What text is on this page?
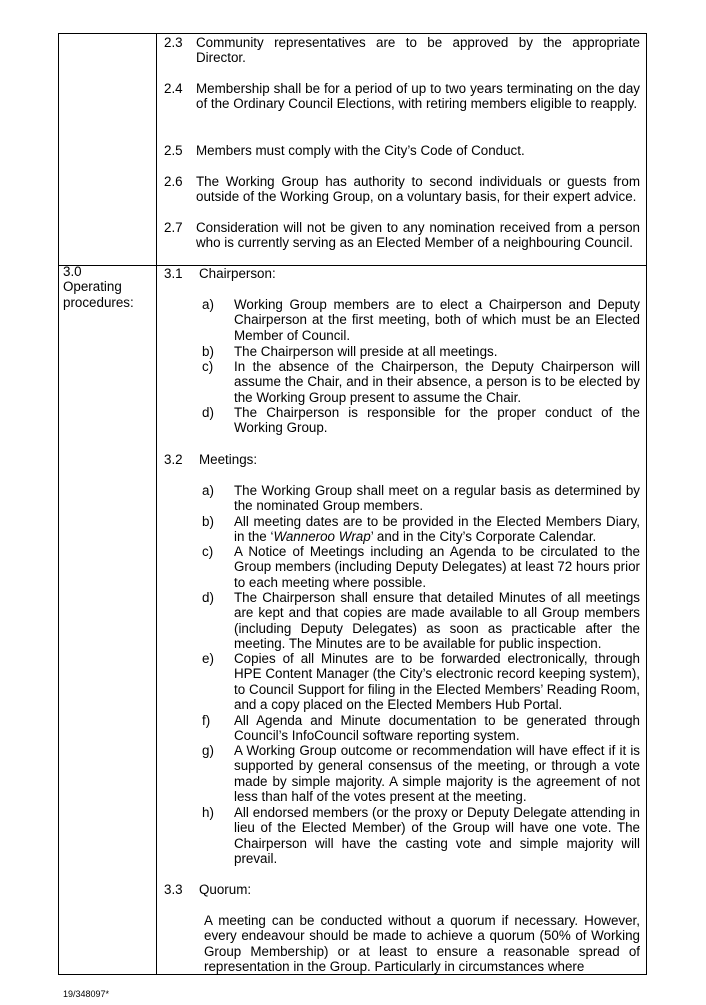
2.3 Community representatives are to be approved by the appropriate Director.
2.4 Membership shall be for a period of up to two years terminating on the day of the Ordinary Council Elections, with retiring members eligible to reapply.
2.5 Members must comply with the City’s Code of Conduct.
2.6 The Working Group has authority to second individuals or guests from outside of the Working Group, on a voluntary basis, for their expert advice.
2.7 Consideration will not be given to any nomination received from a person who is currently serving as an Elected Member of a neighbouring Council.
3.0
Operating
procedures:
3.1 Chairperson:
a) Working Group members are to elect a Chairperson and Deputy Chairperson at the first meeting, both of which must be an Elected Member of Council.
b) The Chairperson will preside at all meetings.
c) In the absence of the Chairperson, the Deputy Chairperson will assume the Chair, and in their absence, a person is to be elected by the Working Group present to assume the Chair.
d) The Chairperson is responsible for the proper conduct of the Working Group.
3.2 Meetings:
a) The Working Group shall meet on a regular basis as determined by the nominated Group members.
b) All meeting dates are to be provided in the Elected Members Diary, in the ‘Wanneroo Wrap’ and in the City’s Corporate Calendar.
c) A Notice of Meetings including an Agenda to be circulated to the Group members (including Deputy Delegates) at least 72 hours prior to each meeting where possible.
d) The Chairperson shall ensure that detailed Minutes of all meetings are kept and that copies are made available to all Group members (including Deputy Delegates) as soon as practicable after the meeting. The Minutes are to be available for public inspection.
e) Copies of all Minutes are to be forwarded electronically, through HPE Content Manager (the City’s electronic record keeping system), to Council Support for filing in the Elected Members’ Reading Room, and a copy placed on the Elected Members Hub Portal.
f) All Agenda and Minute documentation to be generated through Council’s InfoCouncil software reporting system.
g) A Working Group outcome or recommendation will have effect if it is supported by general consensus of the meeting, or through a vote made by simple majority. A simple majority is the agreement of not less than half of the votes present at the meeting.
h) All endorsed members (or the proxy or Deputy Delegate attending in lieu of the Elected Member) of the Group will have one vote. The Chairperson will have the casting vote and simple majority will prevail.
3.3 Quorum:
A meeting can be conducted without a quorum if necessary. However, every endeavour should be made to achieve a quorum (50% of Working Group Membership) or at least to ensure a reasonable spread of representation in the Group. Particularly in circumstances where
19/348097*
